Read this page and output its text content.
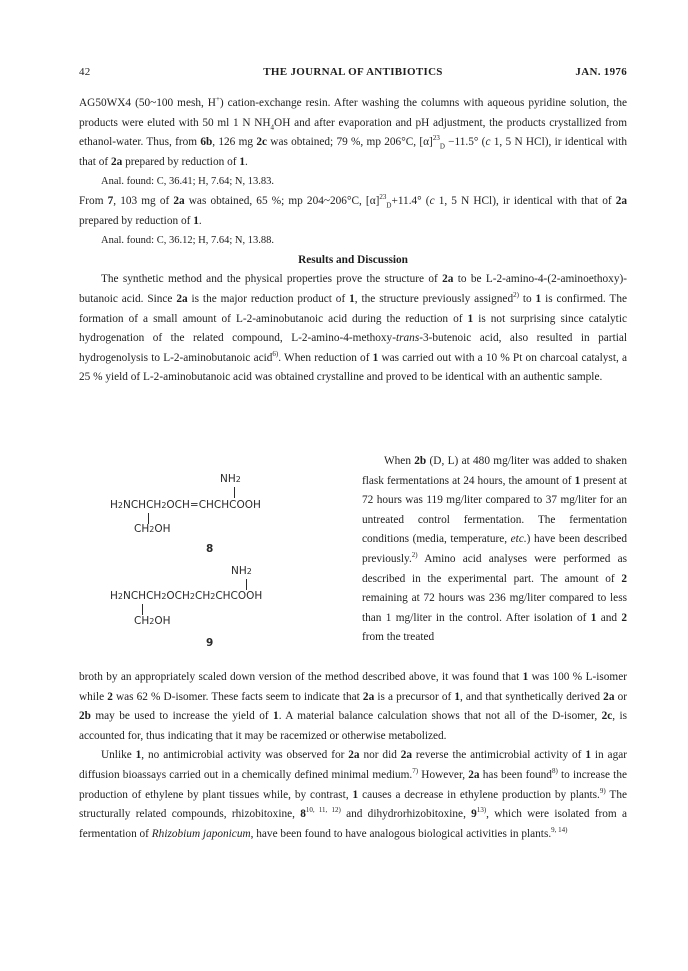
42	THE JOURNAL OF ANTIBIOTICS	JAN. 1976

AG50WX4 (50~100 mesh, H+) cation-exchange resin. After washing the columns with aqueous pyridine solution, the products were eluted with 50 ml 1 N $NH_4OH$ and after evaporation and pH adjustment, the products crystallized from ethanol-water. Thus, from 6b, 126 mg 2c was obtained; 79 %, mp 206°C, $[\alpha]^{23}_D -11.5^\circ$ (c 1, 5 N HCl), ir identical with that of 2a prepared by reduction of 1.

Anal. found: C, 36.41; H, 7.64; N, 13.83.

From 7, 103 mg of 2a was obtained, 65 %; mp 204~206°C, $[\alpha]^{23}_D+11.4^\circ$ (c 1, 5 N HCl), ir identical with that of 2a prepared by reduction of 1.

Anal. found: C, 36.12; H, 7.64; N, 13.88.

Results and Discussion

The synthetic method and the physical properties prove the structure of 2a to be L-2-amino-4-(2-aminoethoxy)-butanoic acid. Since 2a is the major reduction product of 1, the structure previously assigned$^{2)}$ to 1 is confirmed. The formation of a small amount of L-2-aminobutanoic acid during the reduction of 1 is not surprising since catalytic hydrogenation of the related compound, L-2-amino-4-methoxy-trans-3-butenoic acid, also resulted in partial hydrogenolysis to L-2-aminobutanoic acid$^{6)}$. When reduction of 1 was carried out with a 10 % Pt on charcoal catalyst, a 25 % yield of L-2-aminobutanoic acid was obtained crystalline and proved to be identical with an authentic sample.

NH2
H2NCHCH2OCH=CHCHCOOH
CH2OH
8
NH2
H2NCHCH2OCH2CH2CHCOOH
CH2OH
9

When 2b (D, L) at 480 mg/liter was added to shaken flask fermentations at 24 hours, the amount of 1 present at 72 hours was 119 mg/liter compared to 37 mg/liter for an untreated control fermentation. The fermentation conditions (media, temperature, etc.) have been described previously.$^{2)}$ Amino acid analyses were performed as described in the experimental part. The amount of 2 remaining at 72 hours was 236 mg/liter compared to less than 1 mg/liter in the control. After isolation of 1 and 2 from the treated

broth by an appropriately scaled down version of the method described above, it was found that 1 was 100 % L-isomer while 2 was 62 % D-isomer. These facts seem to indicate that 2a is a precursor of 1, and that synthetically derived 2a or 2b may be used to increase the yield of 1. A material balance calculation shows that not all of the D-isomer, 2c, is accounted for, thus indicating that it may be racemized or otherwise metabolized.

Unlike 1, no antimicrobial activity was observed for 2a nor did 2a reverse the antimicrobial activity of 1 in agar diffusion bioassays carried out in a chemically defined minimal medium.$^{7)}$ However, 2a has been found$^{8)}$ to increase the production of ethylene by plant tissues while, by contrast, 1 causes a decrease in ethylene production by plants.$^{9)}$ The structurally related compounds, rhizobitoxine, 8$^{10, 11, 12)}$ and dihydrorhizobitoxine, 9$^{13)}$, which were isolated from a fermentation of Rhizobium japonicum, have been found to have analogous biological activities in plants.$^{9, 14)}$
